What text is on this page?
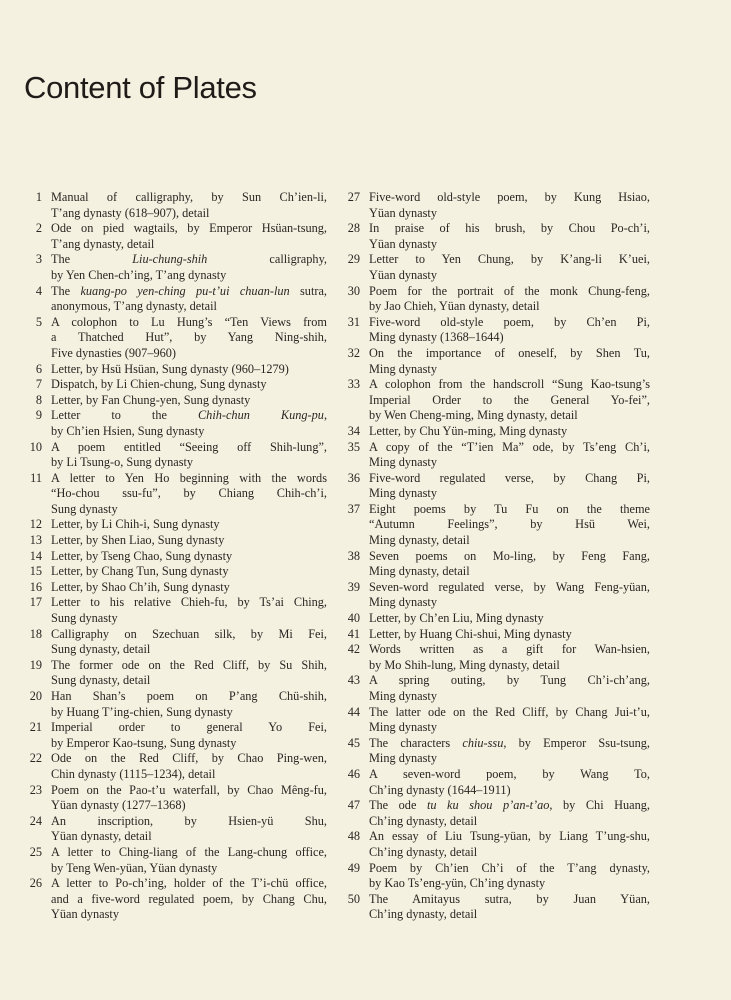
Content of Plates
1 Manual of calligraphy, by Sun Ch’ien-li,
T’ang dynasty (618–907), detail
2 Ode on pied wagtails, by Emperor Hsüan-tsung,
T’ang dynasty, detail
3 The Liu-chung-shih calligraphy,
by Yen Chen-ch’ing, T’ang dynasty
4 The kuang-po yen-ching pu-t’ui chuan-lun sutra,
anonymous, T’ang dynasty, detail
5 A colophon to Lu Hung’s “Ten Views from
a Thatched Hut”, by Yang Ning-shih,
Five dynasties (907–960)
6 Letter, by Hsü Hsüan, Sung dynasty (960–1279)
7 Dispatch, by Li Chien-chung, Sung dynasty
8 Letter, by Fan Chung-yen, Sung dynasty
9 Letter to the Chih-chun Kung-pu,
by Ch’ien Hsien, Sung dynasty
10 A poem entitled “Seeing off Shih-lung”,
by Li Tsung-o, Sung dynasty
11 A letter to Yen Ho beginning with the words
“Ho-chou ssu-fu”, by Chiang Chih-ch’i,
Sung dynasty
12 Letter, by Li Chih-i, Sung dynasty
13 Letter, by Shen Liao, Sung dynasty
14 Letter, by Tseng Chao, Sung dynasty
15 Letter, by Chang Tun, Sung dynasty
16 Letter, by Shao Ch’ih, Sung dynasty
17 Letter to his relative Chieh-fu, by Ts’ai Ching,
Sung dynasty
18 Calligraphy on Szechuan silk, by Mi Fei,
Sung dynasty, detail
19 The former ode on the Red Cliff, by Su Shih,
Sung dynasty, detail
20 Han Shan’s poem on P’ang Chü-shih,
by Huang T’ing-chien, Sung dynasty
21 Imperial order to general Yo Fei,
by Emperor Kao-tsung, Sung dynasty
22 Ode on the Red Cliff, by Chao Ping-wen,
Chin dynasty (1115–1234), detail
23 Poem on the Pao-t’u waterfall, by Chao Mêng-fu,
Yüan dynasty (1277–1368)
24 An inscription, by Hsien-yü Shu,
Yüan dynasty, detail
25 A letter to Ching-liang of the Lang-chung office,
by Teng Wen-yüan, Yüan dynasty
26 A letter to Po-ch’ing, holder of the T’i-chü office,
and a five-word regulated poem, by Chang Chu,
Yüan dynasty
27 Five-word old-style poem, by Kung Hsiao,
Yüan dynasty
28 In praise of his brush, by Chou Po-ch’i,
Yüan dynasty
29 Letter to Yen Chung, by K’ang-li K’uei,
Yüan dynasty
30 Poem for the portrait of the monk Chung-feng,
by Jao Chieh, Yüan dynasty, detail
31 Five-word old-style poem, by Ch’en Pi,
Ming dynasty (1368–1644)
32 On the importance of oneself, by Shen Tu,
Ming dynasty
33 A colophon from the handscroll “Sung Kao-tsung’s
Imperial Order to the General Yo-fei”,
by Wen Cheng-ming, Ming dynasty, detail
34 Letter, by Chu Yün-ming, Ming dynasty
35 A copy of the “T’ien Ma” ode, by Ts’eng Ch’i,
Ming dynasty
36 Five-word regulated verse, by Chang Pi,
Ming dynasty
37 Eight poems by Tu Fu on the theme
“Autumn Feelings”, by Hsü Wei,
Ming dynasty, detail
38 Seven poems on Mo-ling, by Feng Fang,
Ming dynasty, detail
39 Seven-word regulated verse, by Wang Feng-yüan,
Ming dynasty
40 Letter, by Ch’en Liu, Ming dynasty
41 Letter, by Huang Chi-shui, Ming dynasty
42 Words written as a gift for Wan-hsien,
by Mo Shih-lung, Ming dynasty, detail
43 A spring outing, by Tung Ch’i-ch’ang,
Ming dynasty
44 The latter ode on the Red Cliff, by Chang Jui-t’u,
Ming dynasty
45 The characters chiu-ssu, by Emperor Ssu-tsung,
Ming dynasty
46 A seven-word poem, by Wang To,
Ch’ing dynasty (1644–1911)
47 The ode tu ku shou p’an-t’ao, by Chi Huang,
Ch’ing dynasty, detail
48 An essay of Liu Tsung-yüan, by Liang T’ung-shu,
Ch’ing dynasty, detail
49 Poem by Ch’ien Ch’i of the T’ang dynasty,
by Kao Ts’eng-yün, Ch’ing dynasty
50 The Amitayus sutra, by Juan Yüan,
Ch’ing dynasty, detail
